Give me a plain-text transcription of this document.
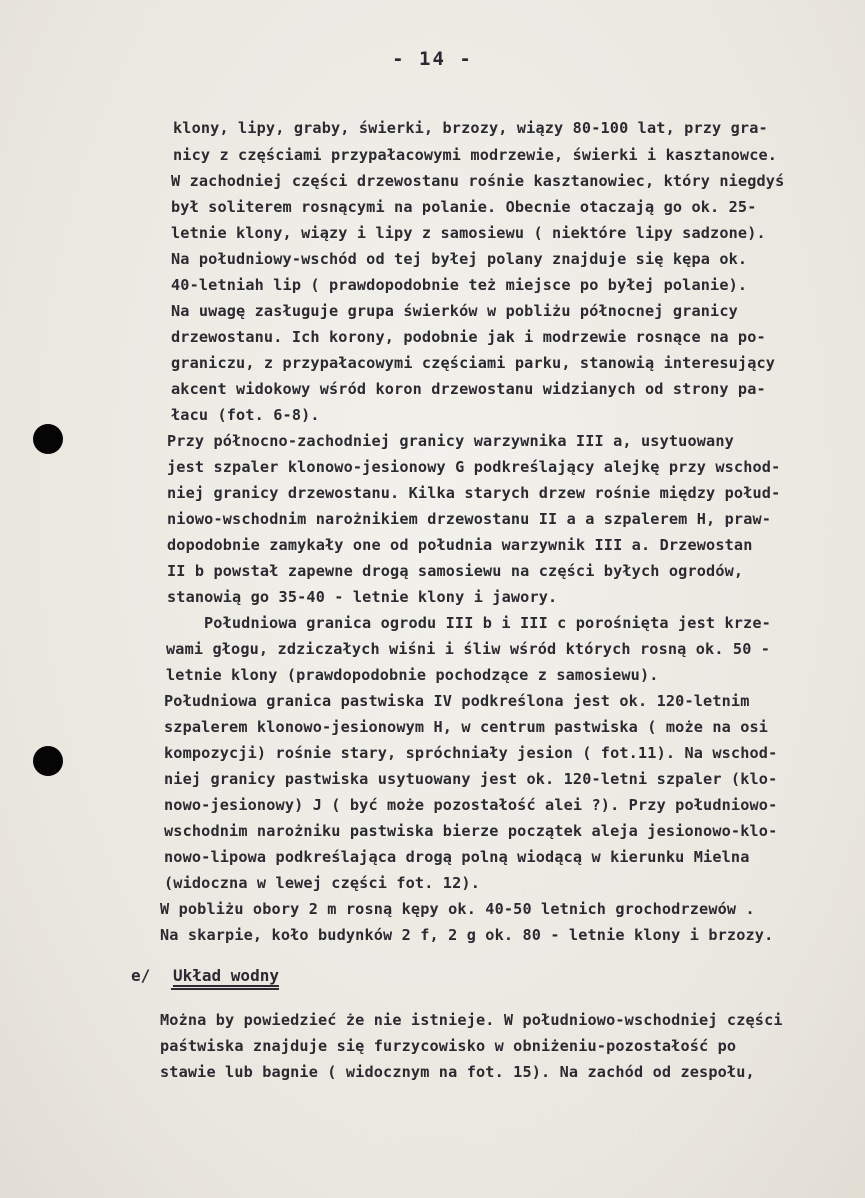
- 14 -
klony, lipy, graby, świerki, brzozy, wiązy 80-100 lat, przy gra-
nicy z częściami przypałacowymi modrzewie, świerki i kasztanowce.
W zachodniej części drzewostanu rośnie kasztanowiec, który niegdyś
był soliterem rosnącymi na polanie. Obecnie otaczają go ok. 25-
letnie klony, wiązy i lipy z samosiewu ( niektóre lipy sadzone).
Na południowy-wschód od tej byłej polany znajduje się kępa ok.
40-letniah lip ( prawdopodobnie też miejsce po byłej polanie).
Na uwagę zasługuje grupa świerków w pobliżu północnej granicy
drzewostanu. Ich korony, podobnie jak i modrzewie rosnące na po-
graniczu, z przypałacowymi częściami parku, stanowią interesujący
akcent widokowy wśród koron drzewostanu widzianych od strony pa-
łacu (fot. 6-8).
Przy północno-zachodniej granicy warzywnika III a, usytuowany
jest szpaler klonowo-jesionowy G podkreślający alejkę przy wschod-
niej granicy drzewostanu. Kilka starych drzew rośnie między połud-
niowo-wschodnim narożnikiem drzewostanu II a a szpalerem H, praw-
dopodobnie zamykały one od południa warzywnik III a. Drzewostan
II b powstał zapewne drogą samosiewu na części byłych ogrodów,
stanowią go 35-40 - letnie klony i jawory.
Południowa granica ogrodu III b i III c porośnięta jest krze-
wami głogu, zdziczałych wiśni i śliw wśród których rosną ok. 50 -
letnie klony (prawdopodobnie pochodzące z samosiewu).
Południowa granica pastwiska IV podkreślona jest ok. 120-letnim
szpalerem klonowo-jesionowym H, w centrum pastwiska ( może na osi
kompozycji) rośnie stary, spróchniały jesion ( fot.11). Na wschod-
niej granicy pastwiska usytuowany jest ok. 120-letni szpaler (klo-
nowo-jesionowy) J ( być może pozostałość alei ?). Przy południowo-
wschodnim narożniku pastwiska bierze początek aleja jesionowo-klo-
nowo-lipowa podkreślająca drogą polną wiodącą w kierunku Mielna
(widoczna w lewej części fot. 12).
W pobliżu obory 2 m rosną kępy ok. 40-50 letnich grochodrzewów .
Na skarpie, koło budynków 2 f, 2 g ok. 80 - letnie klony i brzozy.
e/ Układ wodny
Można by powiedzieć że nie istnieje. W południowo-wschodniej części
paśtwiska znajduje się furzycowisko w obniżeniu-pozostałość po
stawie lub bagnie ( widocznym na fot. 15). Na zachód od zespołu,
